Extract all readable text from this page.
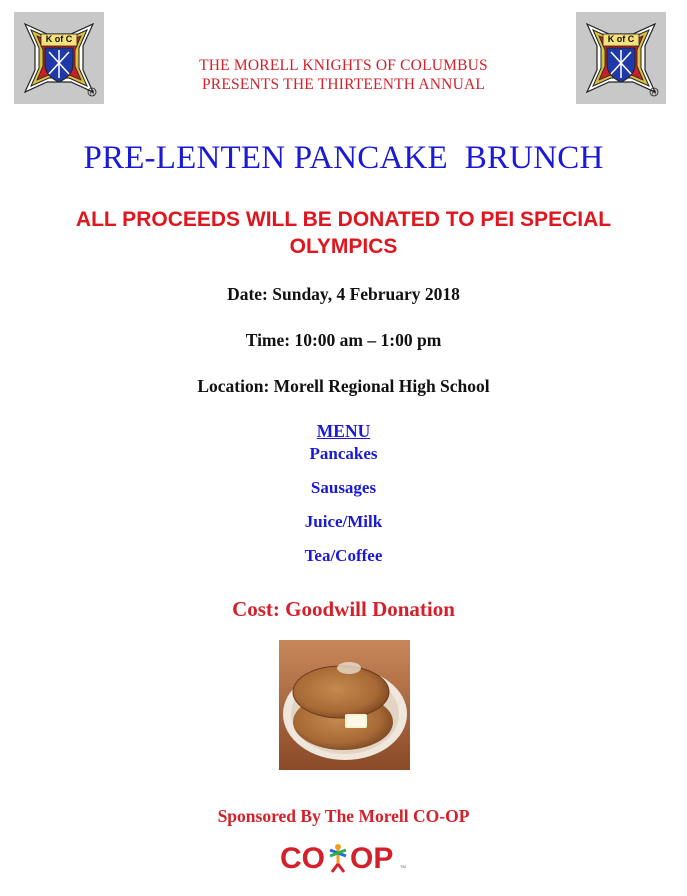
K of C
R
K of C
R
THE MORELL KNIGHTS OF COLUMBUS
PRESENTS THE THIRTEENTH ANNUAL
PRE-LENTEN PANCAKE  BRUNCH
ALL PROCEEDS WILL BE DONATED TO PEI SPECIAL
OLYMPICS
Date: Sunday, 4 February 2018
Time: 10:00 am – 1:00 pm
Location: Morell Regional High School
MENU
Pancakes
Sausages
Juice/Milk
Tea/Coffee
Cost: Goodwill Donation
Sponsored By The Morell CO-OP
CO OP TM
